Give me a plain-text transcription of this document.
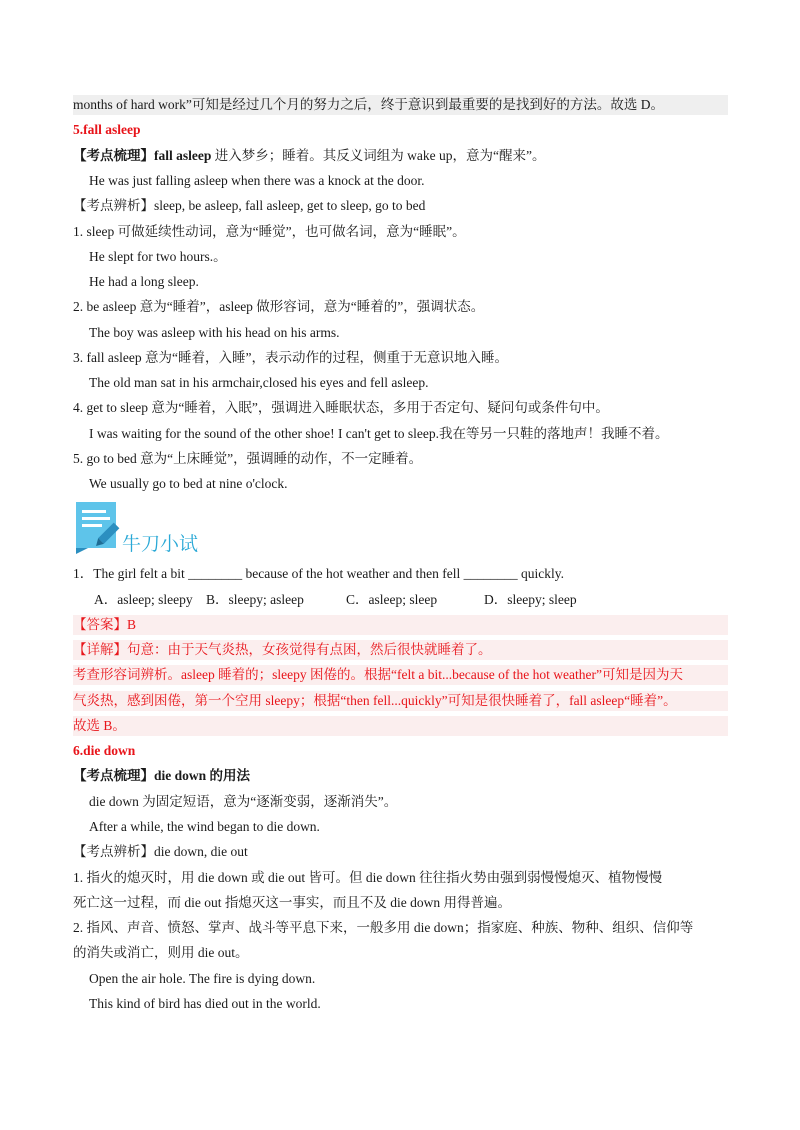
months of hard work”可知是经过几个月的努力之后，终于意识到最重要的是找到好的方法。故选 D。
5.fall asleep
【考点梳理】fall asleep 进入梦乡；睡着。其反义词组为 wake up，意为“醒来”。
He was just falling asleep when there was a knock at the door.
【考点辨析】sleep, be asleep, fall asleep, get to sleep, go to bed
1. sleep 可做延续性动词，意为“睡觉”，也可做名词，意为“睡眠”。
He slept for two hours.。
He had a long sleep.
2. be asleep 意为“睡着”，asleep 做形容词，意为“睡着的”，强调状态。
The boy was asleep with his head on his arms.
3. fall asleep 意为“睡着，入睡”，表示动作的过程，侧重于无意识地入睡。
The old man sat in his armchair,closed his eyes and fell asleep.
4. get to sleep 意为“睡着，入眠”，强调进入睡眠状态，多用于否定句、疑问句或条件句中。
I was waiting for the sound of the other shoe! I can't get to sleep.我在等另一只鞋的落地声！我睡不着。
5. go to bed 意为“上床睡觉”，强调睡的动作，不一定睡着。
We usually go to bed at nine o'clock.
牛刀小试
1．The girl felt a bit ________ because of the hot weather and then fell ________ quickly.
A．asleep; sleepy B．sleepy; asleep	C．asleep; sleep	D．sleepy; sleep
【答案】B
【详解】句意：由于天气炎热，女孩觉得有点困，然后很快就睡着了。
考查形容词辨析。asleep 睡着的；sleepy 困倦的。根据“felt a bit...because of the hot weather”可知是因为天
气炎热，感到困倦，第一个空用 sleepy；根据“then fell...quickly”可知是很快睡着了，fall asleep“睡着”。
故选 B。
6.die down
【考点梳理】die down 的用法
die down 为固定短语，意为“逐渐变弱，逐渐消失”。
After a while, the wind began to die down.
【考点辨析】die down, die out
1. 指火的熄灭时，用 die down 或 die out 皆可。但 die down 往往指火势由强到弱慢慢熄灭、植物慢慢
死亡这一过程，而 die out 指熄灭这一事实，而且不及 die down 用得普遍。
2. 指风、声音、愤怒、掌声、战斗等平息下来，一般多用 die down；指家庭、种族、物种、组织、信仰等
的消失或消亡，则用 die out。
Open the air hole. The fire is dying down.
This kind of bird has died out in the world.
